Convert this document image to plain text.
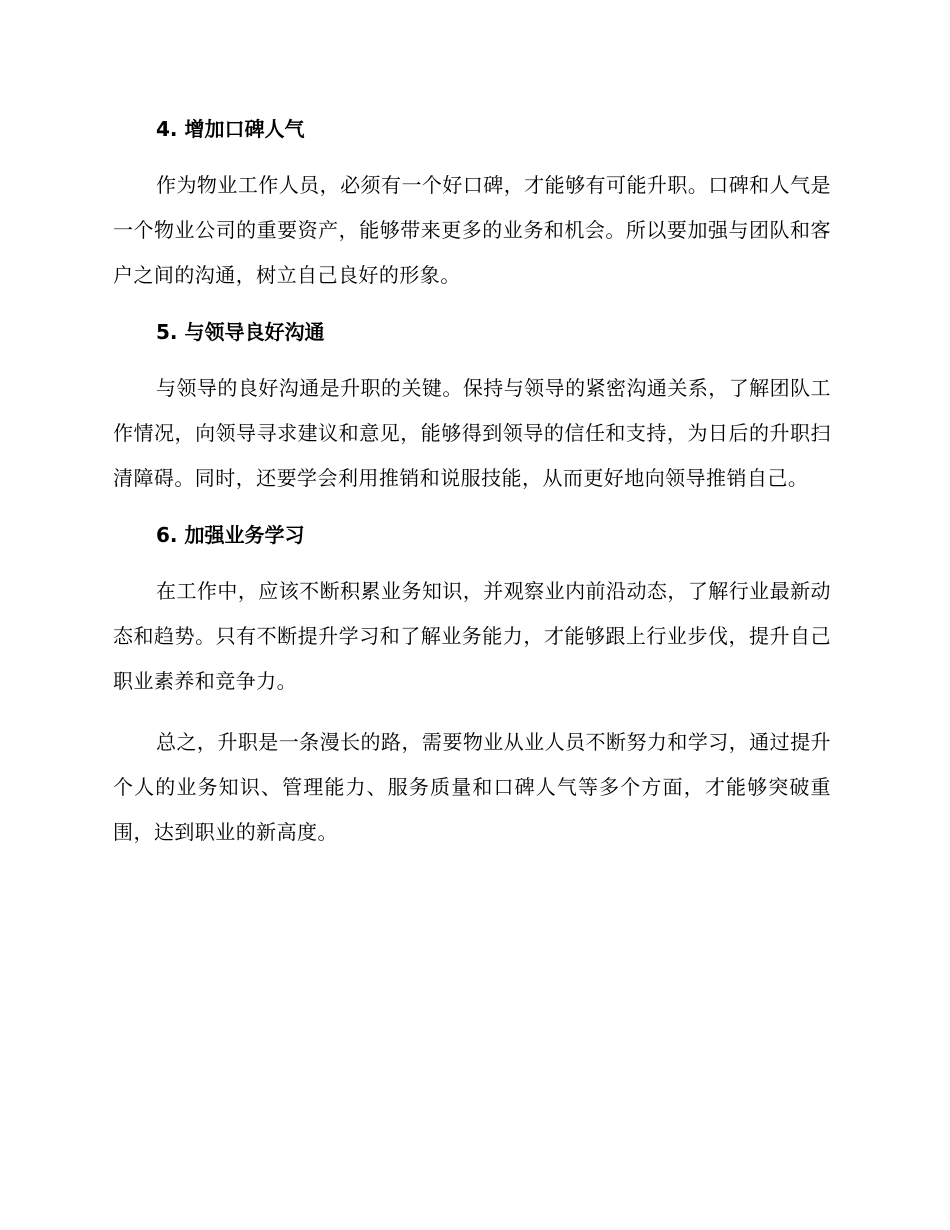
4. 增加口碑人气

作为物业工作人员，必须有一个好口碑，才能够有可能升职。口碑和人气是一个物业公司的重要资产，能够带来更多的业务和机会。所以要加强与团队和客户之间的沟通，树立自己良好的形象。

5. 与领导良好沟通

与领导的良好沟通是升职的关键。保持与领导的紧密沟通关系，了解团队工作情况，向领导寻求建议和意见，能够得到领导的信任和支持，为日后的升职扫清障碍。同时，还要学会利用推销和说服技能，从而更好地向领导推销自己。

6. 加强业务学习

在工作中，应该不断积累业务知识，并观察业内前沿动态，了解行业最新动态和趋势。只有不断提升学习和了解业务能力，才能够跟上行业步伐，提升自己职业素养和竞争力。

总之，升职是一条漫长的路，需要物业从业人员不断努力和学习，通过提升个人的业务知识、管理能力、服务质量和口碑人气等多个方面，才能够突破重围，达到职业的新高度。
